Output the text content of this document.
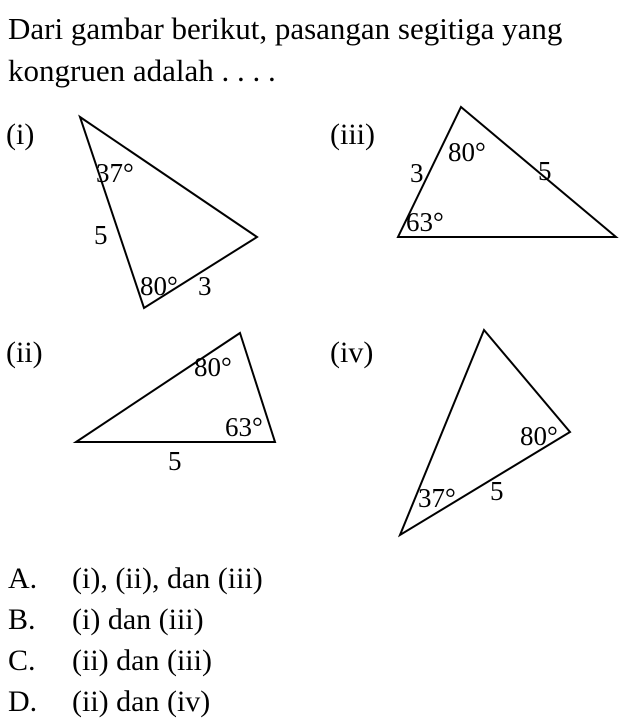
Dari gambar berikut, pasangan segitiga yang
kongruen adalah . . . .

(i)
37°
80°
5
3
(iii)
80°
63°
3	5
(ii)	80°
63°
5
(iv)
80°
37° 5
A.	(i), (ii), dan (iii)
B.	(i) dan (iii)
C.	(ii) dan (iii)
D.	(ii) dan (iv)
